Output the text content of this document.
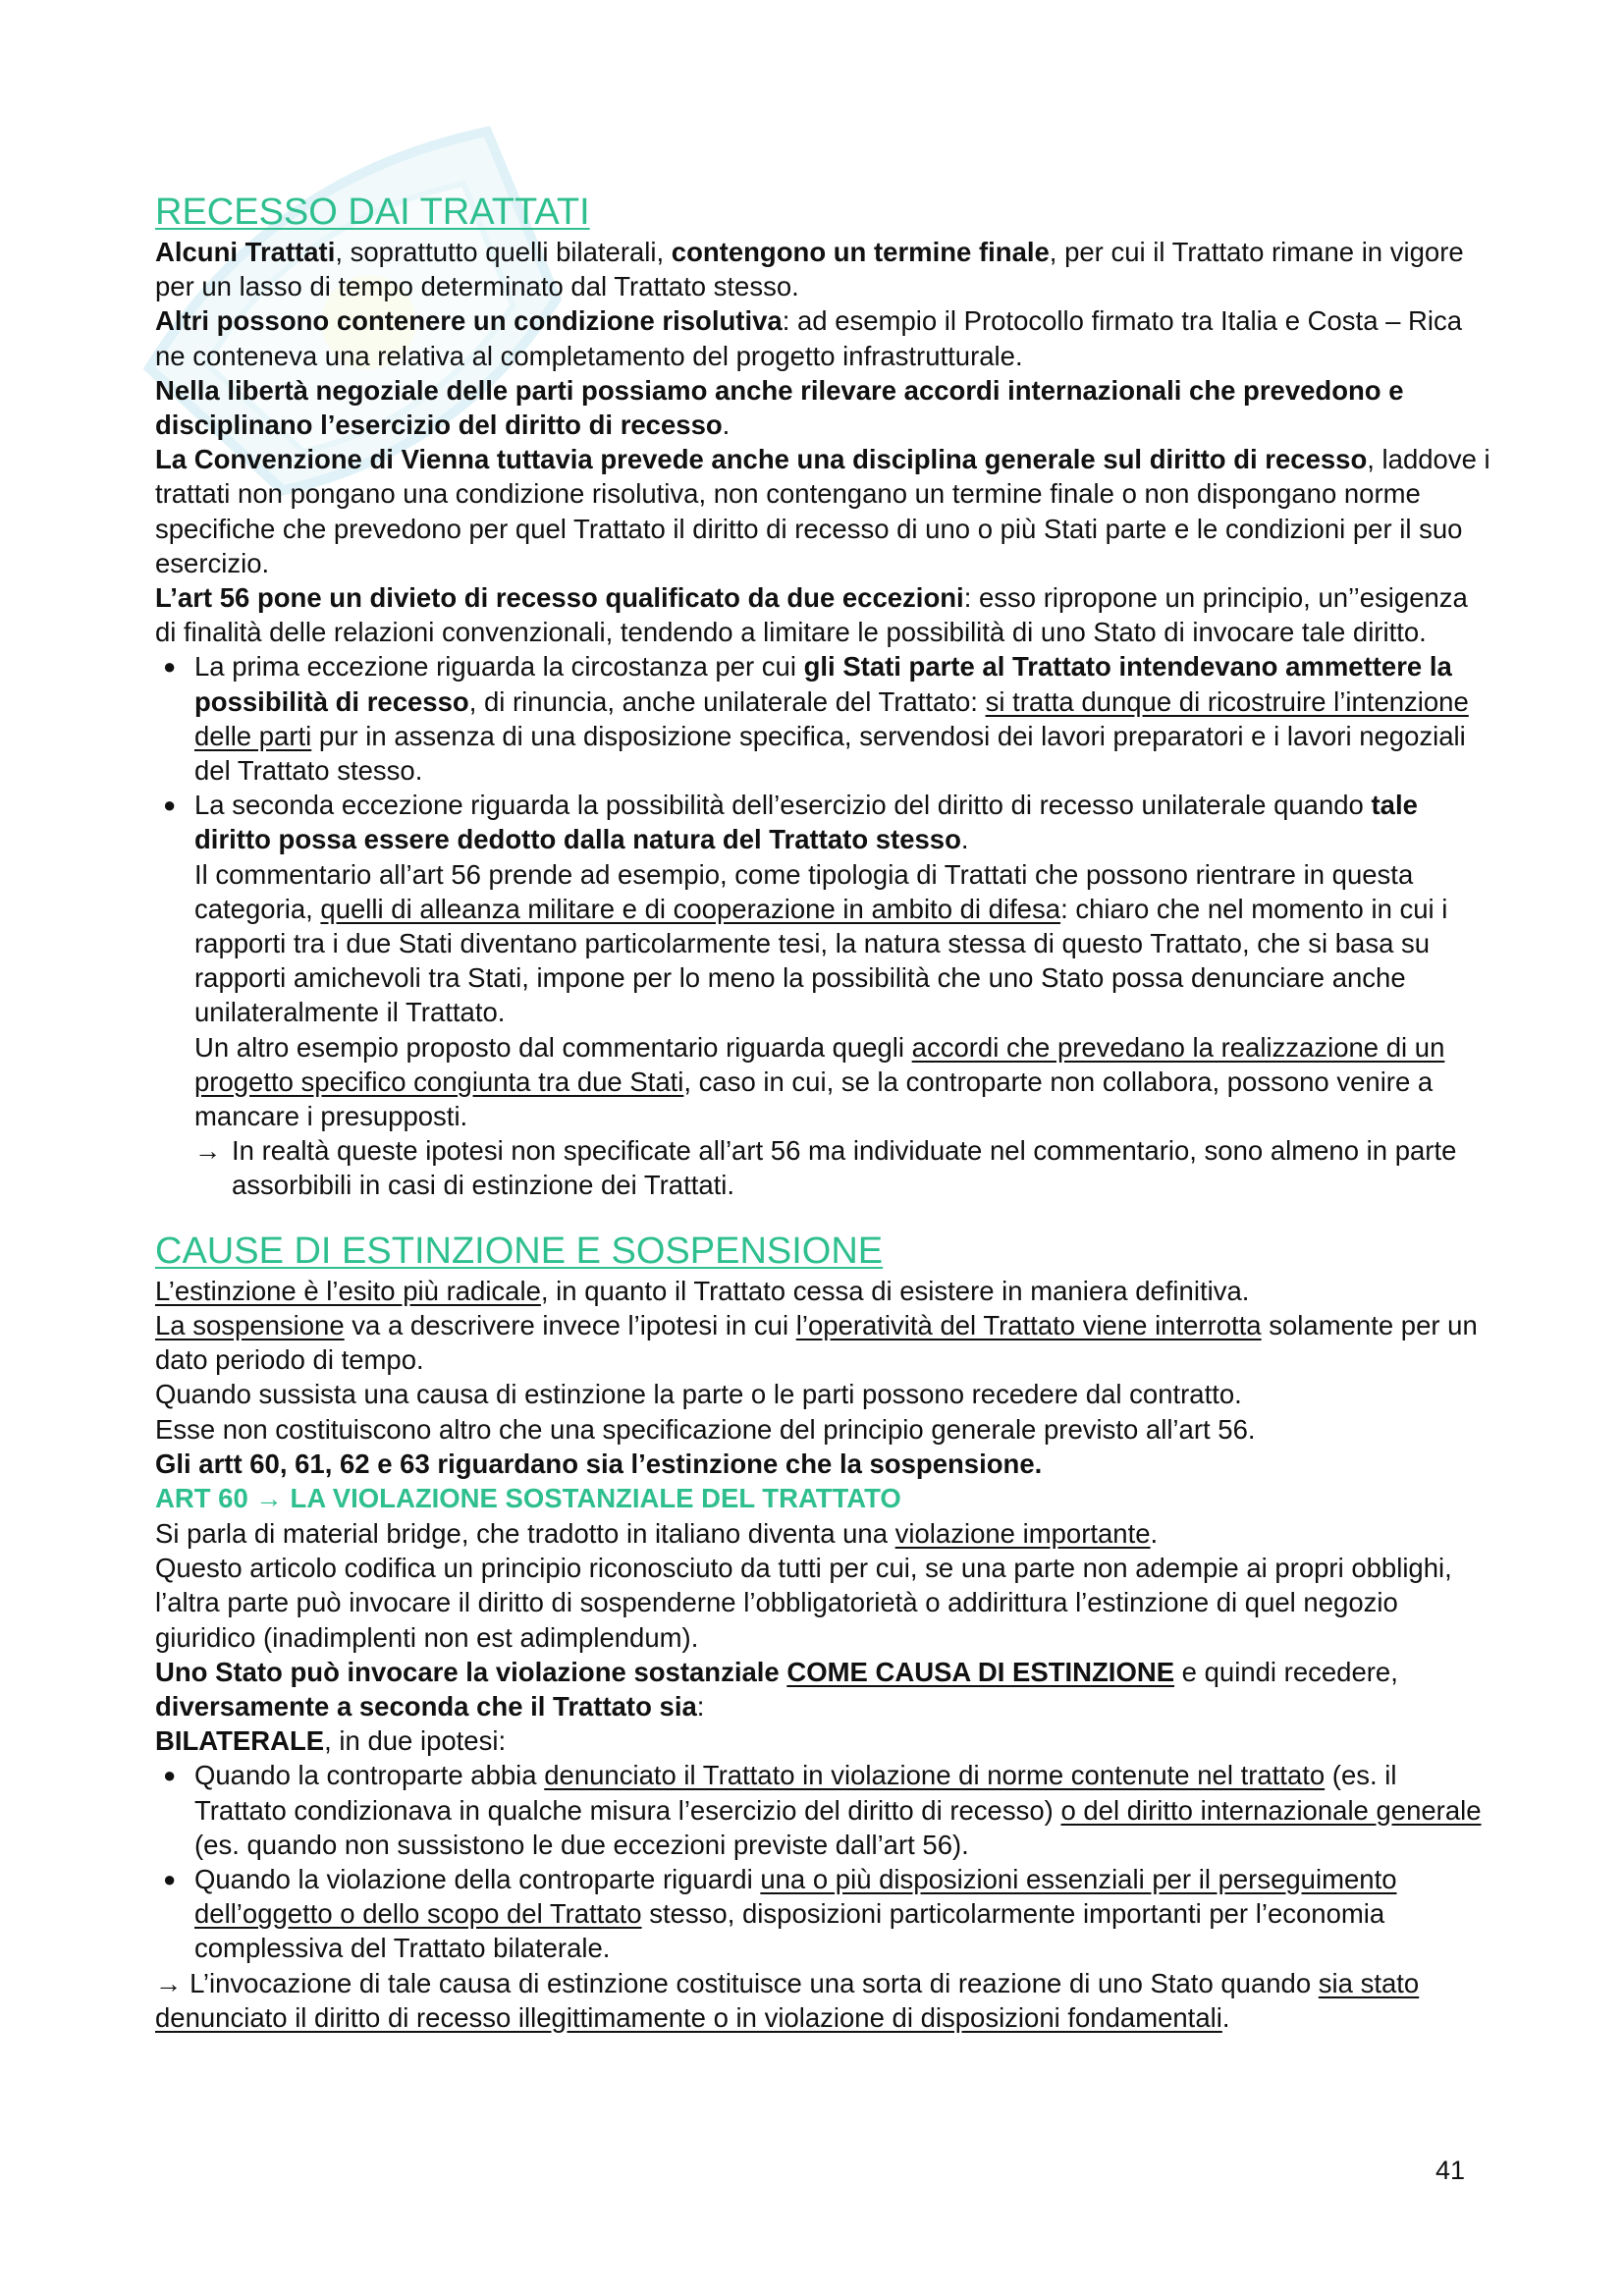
RECESSO DAI TRATTATI

Alcuni Trattati, soprattutto quelli bilaterali, contengono un termine finale, per cui il Trattato rimane in vigore per un lasso di tempo determinato dal Trattato stesso.

Altri possono contenere un condizione risolutiva: ad esempio il Protocollo firmato tra Italia e Costa – Rica ne conteneva una relativa al completamento del progetto infrastrutturale.

Nella libertà negoziale delle parti possiamo anche rilevare accordi internazionali che prevedono e disciplinano l’esercizio del diritto di recesso.

La Convenzione di Vienna tuttavia prevede anche una disciplina generale sul diritto di recesso, laddove i trattati non pongano una condizione risolutiva, non contengano un termine finale o non dispongano norme specifiche che prevedono per quel Trattato il diritto di recesso di uno o più Stati parte e le condizioni per il suo esercizio.

L’art 56 pone un divieto di recesso qualificato da due eccezioni: esso ripropone un principio, un’’esigenza di finalità delle relazioni convenzionali, tendendo a limitare le possibilità di uno Stato di invocare tale diritto.

● La prima eccezione riguarda la circostanza per cui gli Stati parte al Trattato intendevano ammettere la possibilità di recesso, di rinuncia, anche unilaterale del Trattato: si tratta dunque di ricostruire l’intenzione delle parti pur in assenza di una disposizione specifica, servendosi dei lavori preparatori e i lavori negoziali del Trattato stesso.
● La seconda eccezione riguarda la possibilità dell’esercizio del diritto di recesso unilaterale quando tale diritto possa essere dedotto dalla natura del Trattato stesso.

Il commentario all’art 56 prende ad esempio, come tipologia di Trattati che possono rientrare in questa categoria, quelli di alleanza militare e di cooperazione in ambito di difesa: chiaro che nel momento in cui i rapporti tra i due Stati diventano particolarmente tesi, la natura stessa di questo Trattato, che si basa su rapporti amichevoli tra Stati, impone per lo meno la possibilità che uno Stato possa denunciare anche unilateralmente il Trattato.

Un altro esempio proposto dal commentario riguarda quegli accordi che prevedano la realizzazione di un progetto specifico congiunta tra due Stati, caso in cui, se la controparte non collabora, possono venire a mancare i presupposti.

→ In realtà queste ipotesi non specificate all’art 56 ma individuate nel commentario, sono almeno in parte assorbibili in casi di estinzione dei Trattati.

CAUSE DI ESTINZIONE E SOSPENSIONE

L’estinzione è l’esito più radicale, in quanto il Trattato cessa di esistere in maniera definitiva.

La sospensione va a descrivere invece l’ipotesi in cui l’operatività del Trattato viene interrotta solamente per un dato periodo di tempo.

Quando sussista una causa di estinzione la parte o le parti possono recedere dal contratto.

Esse non costituiscono altro che una specificazione del principio generale previsto all’art 56.

Gli artt 60, 61, 62 e 63 riguardano sia l’estinzione che la sospensione.

ART 60 → LA VIOLAZIONE SOSTANZIALE DEL TRATTATO

Si parla di material bridge, che tradotto in italiano diventa una violazione importante.

Questo articolo codifica un principio riconosciuto da tutti per cui, se una parte non adempie ai propri obblighi, l’altra parte può invocare il diritto di sospenderne l’obbligatorietà o addirittura l’estinzione di quel negozio giuridico (inadimplenti non est adimplendum).

Uno Stato può invocare la violazione sostanziale COME CAUSA DI ESTINZIONE e quindi recedere, diversamente a seconda che il Trattato sia:

BILATERALE, in due ipotesi:

● Quando la controparte abbia denunciato il Trattato in violazione di norme contenute nel trattato (es. il Trattato condizionava in qualche misura l’esercizio del diritto di recesso) o del diritto internazionale generale (es. quando non sussistono le due eccezioni previste dall’art 56).
● Quando la violazione della controparte riguardi una o più disposizioni essenziali per il perseguimento dell’oggetto o dello scopo del Trattato stesso, disposizioni particolarmente importanti per l’economia complessiva del Trattato bilaterale.

→ L’invocazione di tale causa di estinzione costituisce una sorta di reazione di uno Stato quando sia stato denunciato il diritto di recesso illegittimamente o in violazione di disposizioni fondamentali.

41
